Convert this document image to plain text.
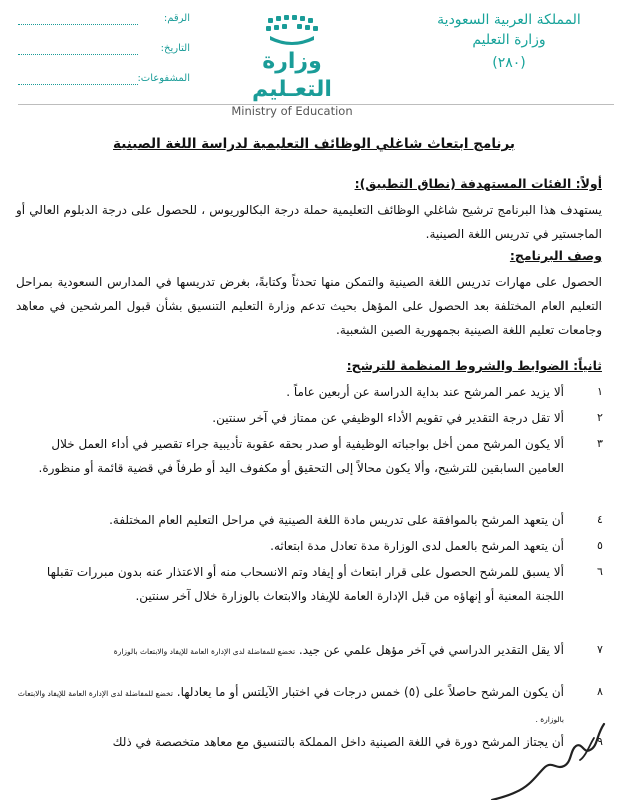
المملكة العربية السعودية
وزارة التعليم
(٢٨٠)
وزارة التعـليم
Ministry of Education
الرقم:
التاريخ:
المشفوعات:
برنامج ابتعاث شاغلي الوظائف التعليمية لدراسة اللغة الصينية
أولاً: الفئات المستهدفة (نطاق التطبيق):
يستهدف هذا البرنامج ترشيح شاغلي الوظائف التعليمية حملة درجة البكالوريوس ، للحصول على درجة الدبلوم العالي أو الماجستير في تدريس اللغة الصينية.
وصف البرنامج:
الحصول على مهارات تدريس اللغة الصينية والتمكن منها تحدثاً وكتابةً، بغرض تدريسها في المدارس السعودية بمراحل التعليم العام المختلفة بعد الحصول على المؤهل بحيث تدعم وزارة التعليم التنسيق بشأن قبول المرشحين في معاهد وجامعات تعليم اللغة الصينية بجمهورية الصين الشعبية.
ثانياً: الضوابط والشروط المنظمة للترشح:
١
ألا يزيد عمر المرشح عند بداية الدراسة عن أربعين عاماً .
٢
ألا تقل درجة التقدير في تقويم الأداء الوظيفي عن ممتاز في آخر سنتين.
٣
ألا يكون المرشح ممن أخل بواجباته الوظيفية أو صدر بحقه عقوبة تأديبية جراء تقصير في أداء العمل خلال العامين السابقين للترشيح، وألا يكون محالاً إلى التحقيق أو مكفوف اليد أو طرفاً في قضية قائمة أو منظورة.
٤
أن يتعهد المرشح بالموافقة على تدريس مادة اللغة الصينية في مراحل التعليم العام المختلفة.
٥
أن يتعهد المرشح بالعمل لدى الوزارة مدة تعادل مدة ابتعاثه.
٦
ألا يسبق للمرشح الحصول على قرار ابتعاث أو إيفاد وتم الانسحاب منه أو الاعتذار عنه بدون مبررات تقبلها اللجنة المعنية أو إنهاؤه من قبل الإدارة العامة للإيفاد والابتعاث بالوزارة خلال آخر سنتين.
٧
ألا يقل التقدير الدراسي في آخر مؤهل علمي عن جيد. تخضع للمفاضلة لدى الإدارة العامة للإيفاد والابتعاث بالوزارة
٨
أن يكون المرشح حاصلاً على (٥) خمس درجات في اختبار الآيلتس أو ما يعادلها. تخضع للمفاضلة لدى الإدارة العامة للإيفاد والابتعاث بالوزارة .
٩
أن يجتاز المرشح دورة في اللغة الصينية داخل المملكة بالتنسيق مع معاهد متخصصة في ذلك
